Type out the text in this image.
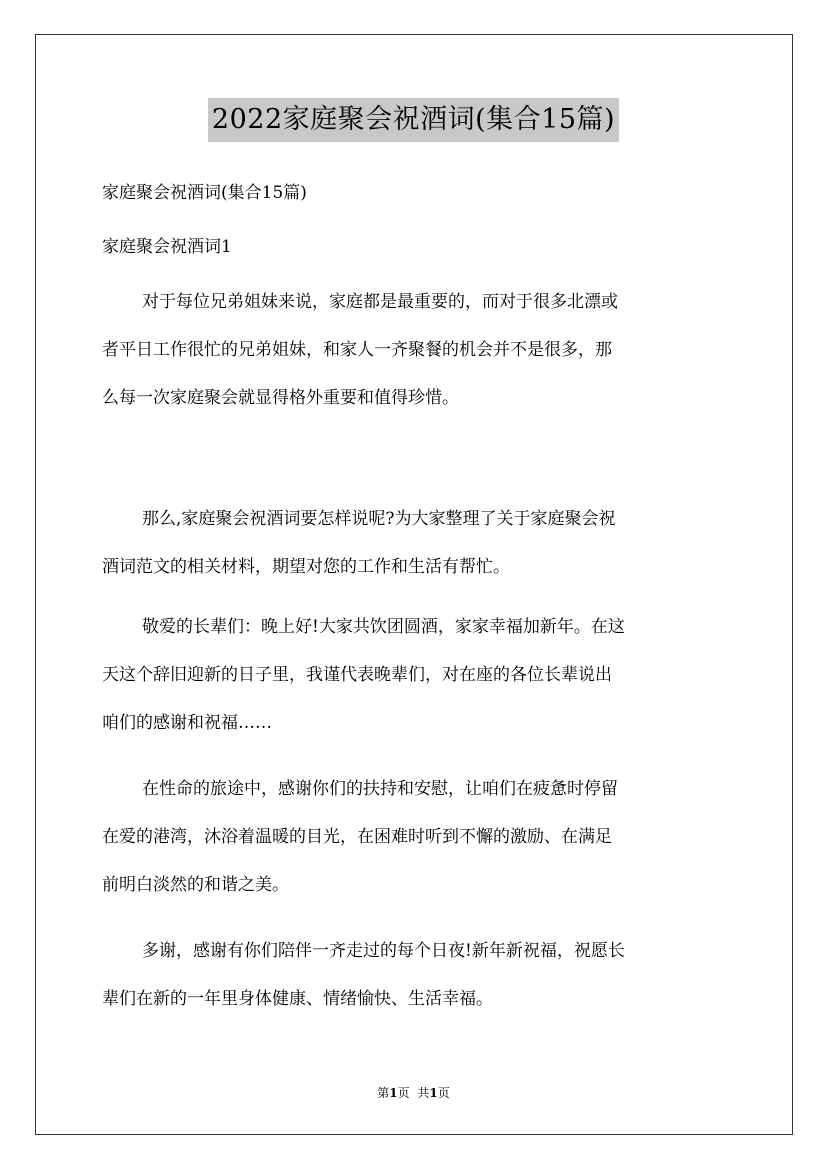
2022家庭聚会祝酒词(集合15篇)
家庭聚会祝酒词(集合15篇)
家庭聚会祝酒词1
对于每位兄弟姐妹来说，家庭都是最重要的，而对于很多北漂或
者平日工作很忙的兄弟姐妹，和家人一齐聚餐的机会并不是很多，那
么每一次家庭聚会就显得格外重要和值得珍惜。
那么,家庭聚会祝酒词要怎样说呢?为大家整理了关于家庭聚会祝
酒词范文的相关材料，期望对您的工作和生活有帮忙。
敬爱的长辈们：晚上好!大家共饮团圆酒，家家幸福加新年。在这
天这个辞旧迎新的日子里，我谨代表晚辈们，对在座的各位长辈说出
咱们的感谢和祝福……
在性命的旅途中，感谢你们的扶持和安慰，让咱们在疲惫时停留
在爱的港湾，沐浴着温暖的目光，在困难时听到不懈的激励、在满足
前明白淡然的和谐之美。
多谢，感谢有你们陪伴一齐走过的每个日夜!新年新祝福，祝愿长
辈们在新的一年里身体健康、情绪愉快、生活幸福。
第1页 共1页
